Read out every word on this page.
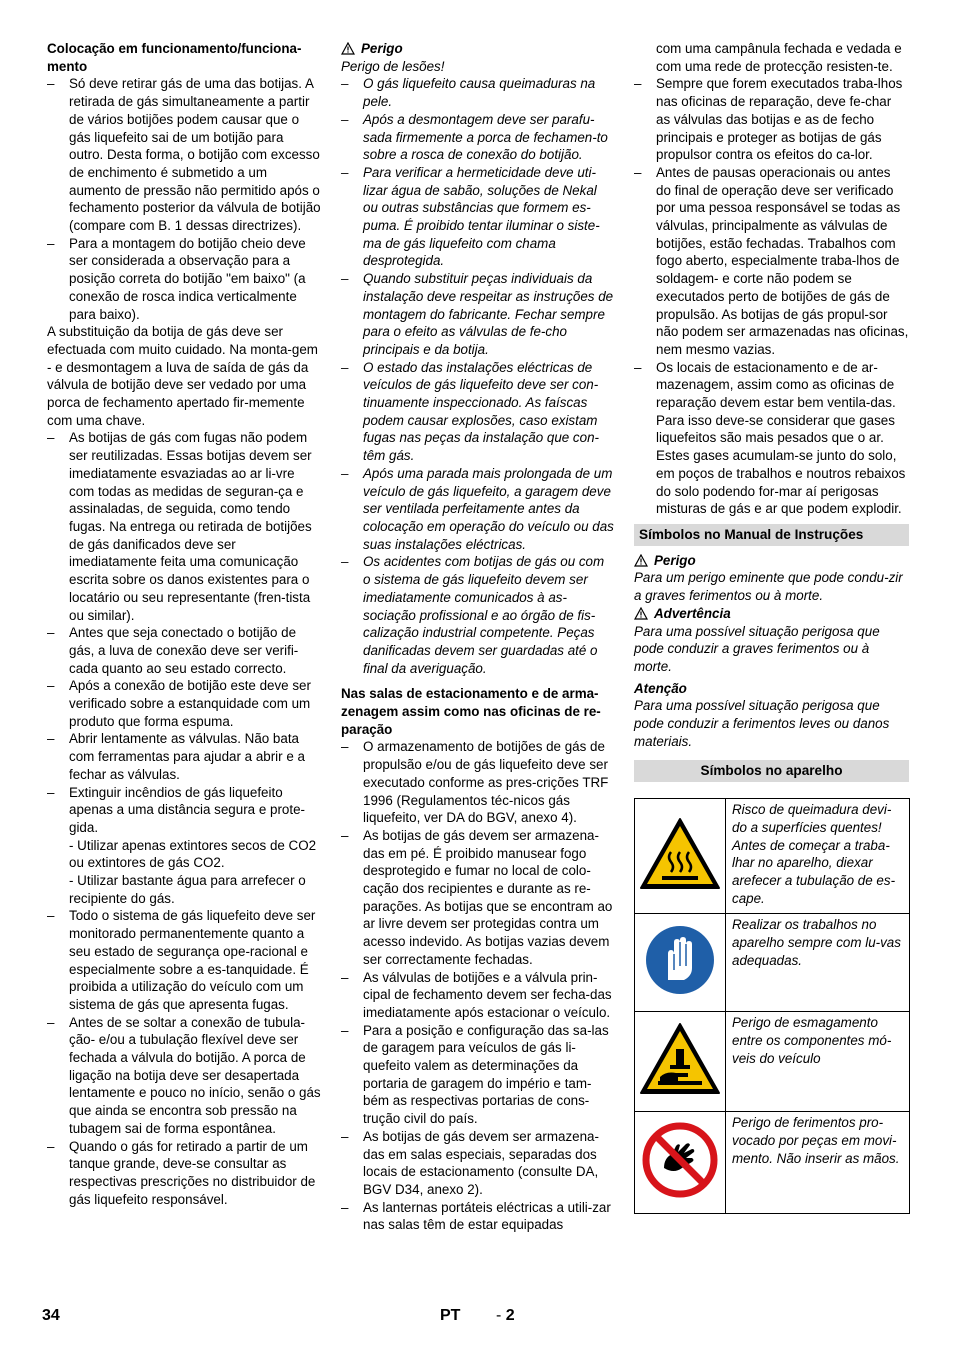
Colocação em funcionamento/funciona-mento

– Só deve retirar gás de uma das botijas. A retirada de gás simultaneamente a partir de vários botijões podem causar que o gás liquefeito sai de um botijão para outro. Desta forma, o botijão com excesso de enchimento é submetido a um aumento de pressão não permitido após o fechamento posterior da válvula de botijão (compare com B. 1 dessas directrizes).
– Para a montagem do botijão cheio deve ser considerada a observação para a posição correta do botijão "em baixo" (a conexão de rosca indica verticalmente para baixo).

A substituição da botija de gás deve ser efectuada com muito cuidado. Na monta-gem - e desmontagem a luva de saída de gás da válvula de botijão deve ser vedado por uma porca de fechamento apertado fir-memente com uma chave.

– As botijas de gás com fugas não podem ser reutilizadas. Essas botijas devem ser imediatamente esvaziadas ao ar li-vre com todas as medidas de seguran-ça e assinaladas, de seguida, como tendo fugas. Na entrega ou retirada de botijões de gás danificados deve ser imediatamente feita uma comunicação escrita sobre os danos existentes para o locatário ou seu representante (fren-tista ou similar).
– Antes que seja conectado o botijão de gás, a luva de conexão deve ser verifi-cada quanto ao seu estado correcto.
– Após a conexão de botijão este deve ser verificado sobre a estanquidade com um produto que forma espuma.
– Abrir lentamente as válvulas. Não bata com ferramentas para ajudar a abrir e a fechar as válvulas.
– Extinguir incêndios de gás liquefeito apenas a uma distância segura e prote-gida.

- Utilizar apenas extintores secos de CO2 ou extintores de gás CO2.

- Utilizar bastante água para arrefecer o recipiente do gás.

– Todo o sistema de gás liquefeito deve ser monitorado permanentemente quanto a seu estado de segurança ope-racional e especialmente sobre a es-tanquidade. É proibida a utilização do veículo com um sistema de gás que apresenta fugas.
– Antes de se soltar a conexão de tubula-ção- e/ou a tubulação flexível deve ser fechada a válvula do botijão. A porca de ligação na botija deve ser desapertada lentamente e pouco no início, senão o gás que ainda se encontra sob pressão na tubagem sai de forma espontânea.
– Quando o gás for retirado a partir de um tanque grande, deve-se consultar as respectivas prescrições no distribuidor de gás liquefeito responsável.

Perigo

Perigo de lesões!

– O gás liquefeito causa queimaduras na pele.
– Após a desmontagem deve ser parafu-sada firmemente a porca de fechamen-to sobre a rosca de conexão do botijão.
– Para verificar a hermeticidade deve uti-lizar água de sabão, soluções de Nekal ou outras substâncias que formem es-puma. É proibido tentar iluminar o siste-ma de gás liquefeito com chama desprotegida.
– Quando substituir peças individuais da instalação deve respeitar as instruções de montagem do fabricante. Fechar sempre para o efeito as válvulas de fe-cho principais e da botija.
– O estado das instalações eléctricas de veículos de gás liquefeito deve ser con-tinuamente inspeccionado. As faíscas podem causar explosões, caso existam fugas nas peças da instalação que con-têm gás.
– Após uma parada mais prolongada de um veículo de gás liquefeito, a garagem deve ser ventilada perfeitamente antes da colocação em operação do veículo ou das suas instalações eléctricas.
– Os acidentes com botijas de gás ou com o sistema de gás liquefeito devem ser imediatamente comunicados à as-sociação profissional e ao órgão de fis-calização industrial competente. Peças danificadas devem ser guardadas até o final da averiguação.

Nas salas de estacionamento e de arma-zenagem assim como nas oficinas de re-paração

– O armazenamento de botijões de gás de propulsão e/ou de gás liquefeito deve ser executado conforme as pres-crições TRF 1996 (Regulamentos téc-nicos gás liquefeito, ver DA do BGV, anexo 4).
– As botijas de gás devem ser armazena-das em pé. É proibido manusear fogo desprotegido e fumar no local de colo-cação dos recipientes e durante as re-parações. As botijas que se encontram ao ar livre devem ser protegidas contra um acesso indevido. As botijas vazias devem ser correctamente fechadas.
– As válvulas de botijões e a válvula prin-cipal de fechamento devem ser fecha-das imediatamente após estacionar o veículo.
– Para a posição e configuração das sa-las de garagem para veículos de gás li-quefeito valem as determinações da portaria de garagem do império e tam-bém as respectivas portarias de cons-trução civil do país.
– As botijas de gás devem ser armazena-das em salas especiais, separadas dos locais de estacionamento (consulte DA, BGV D34, anexo 2).
– As lanternas portáteis eléctricas a utili-zar nas salas têm de estar equipadas

com uma campânula fechada e vedada e com uma rede de protecção resisten-te.

– Sempre que forem executados traba-lhos nas oficinas de reparação, deve fe-char as válvulas das botijas e as de fecho principais e proteger as botijas de gás propulsor contra os efeitos do ca-lor.
– Antes de pausas operacionais ou antes do final de operação deve ser verificado por uma pessoa responsável se todas as válvulas, principalmente as válvulas de botijões, estão fechadas. Trabalhos com fogo aberto, especialmente traba-lhos de soldagem- e corte não podem se executados perto de botijões de gás de propulsão. As botijas de gás propul-sor não podem ser armazenadas nas oficinas, nem mesmo vazias.
– Os locais de estacionamento e de ar-mazenagem, assim como as oficinas de reparação devem estar bem ventila-das. Para isso deve-se considerar que gases liquefeitos são mais pesados que o ar. Estes gases acumulam-se junto do solo, em poços de trabalhos e noutros rebaixos do solo podendo for-mar aí perigosas misturas de gás e ar que podem explodir.
Símbolos no Manual de Instruções

Perigo

Para um perigo eminente que pode condu-zir a graves ferimentos ou à morte.

Advertência

Para uma possível situação perigosa que pode conduzir a graves ferimentos ou à morte.

Atenção

Para uma possível situação perigosa que pode conduzir a ferimentos leves ou danos materiais.

Símbolos no aparelho
	Risco de queimadura devi-do a superfícies quentes! Antes de começar a traba-lhar no aparelho, diexar arefecer a tubulação de es-cape.
	Realizar os trabalhos no aparelho sempre com lu-vas adequadas.
	Perigo de esmagamento entre os componentes mó-veis do veículo
	Perigo de ferimentos pro-vocado por peças em movi-mento. Não inserir as mãos.
34	PT - 2
